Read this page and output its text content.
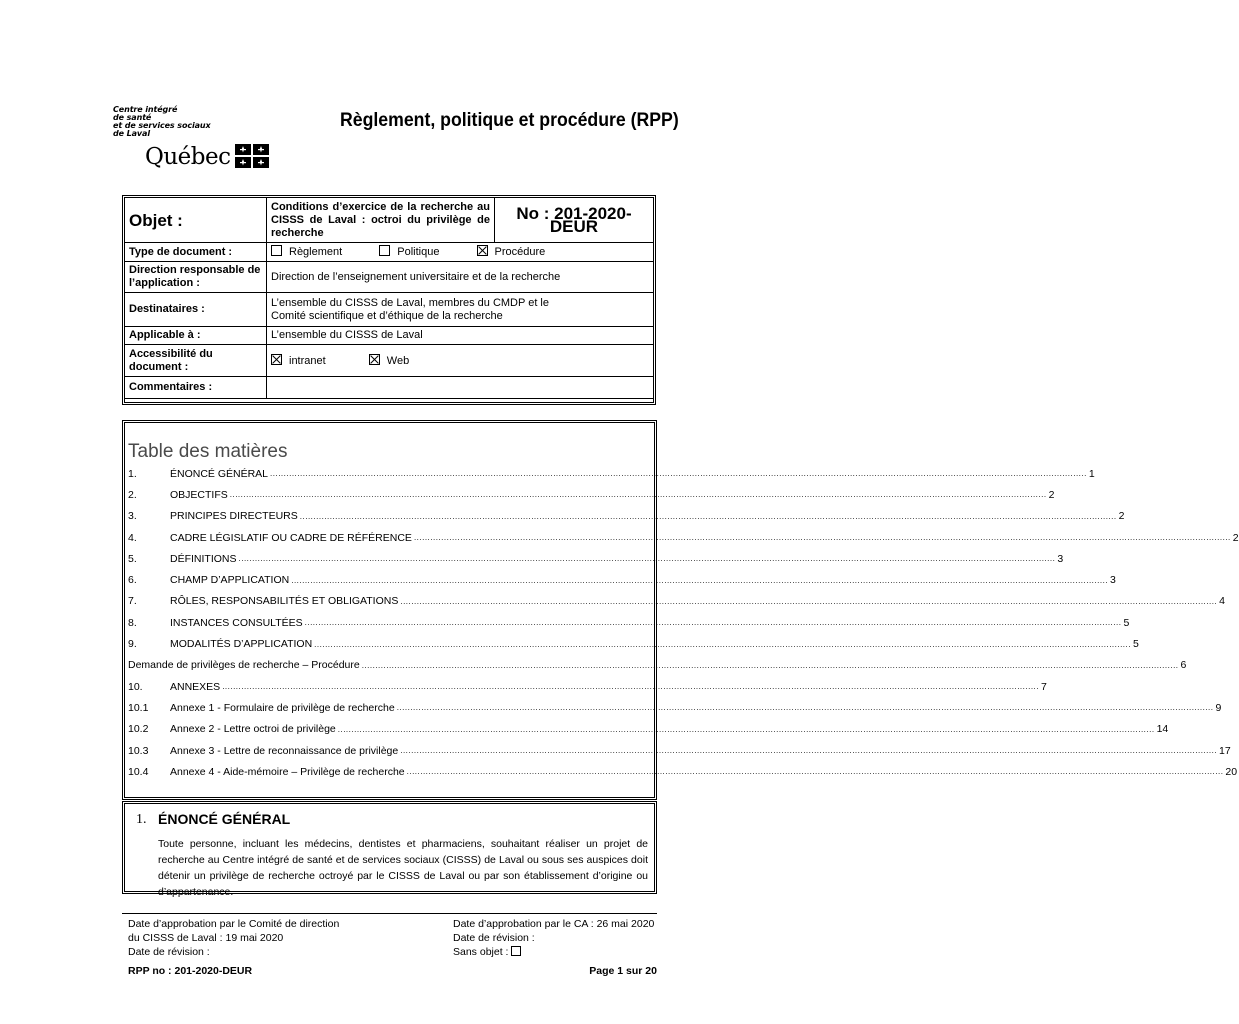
Centre intégré
de santé
et de services sociaux
de Laval
Québec
Règlement, politique et procédure (RPP)
Objet :	Conditions d’exercice de la recherche au CISSS de Laval : octroi du privilège de recherche	No : 201-2020-DEUR
Type de document :	Règlement Politique Procédure	
Direction responsable de l’application :	Direction de l’enseignement universitaire et de la recherche	
Destinataires :	L’ensemble du CISSS de Laval, membres du CMDP et le
Comité scientifique et d’éthique de la recherche	

Applicable à :	L’ensemble du CISSS de Laval	
Accessibilité du document :	intranet Web	
Commentaires :		
Table des matières
1.	ÉNONCÉ GÉNÉRAL ............................................................................................................................................................................................................................................................................................................ 1
2.	OBJECTIFS ............................................................................................................................................................................................................................................................................................................ 2
3.	PRINCIPES DIRECTEURS ............................................................................................................................................................................................................................................................................................................ 2
4.	CADRE LÉGISLATIF OU CADRE DE RÉFÉRENCE ............................................................................................................................................................................................................................................................................................................ 2
5.	DÉFINITIONS ............................................................................................................................................................................................................................................................................................................ 3
6.	CHAMP D’APPLICATION ............................................................................................................................................................................................................................................................................................................ 3
7.	RÔLES, RESPONSABILITÉS ET OBLIGATIONS ............................................................................................................................................................................................................................................................................................................ 4
8.	INSTANCES CONSULTÉES ............................................................................................................................................................................................................................................................................................................ 5
9.	MODALITÉS D’APPLICATION ............................................................................................................................................................................................................................................................................................................ 5
Demande de privilèges de recherche – Procédure ............................................................................................................................................................................................................................................................................................................ 6
10.	ANNEXES ............................................................................................................................................................................................................................................................................................................ 7
10.1	Annexe 1 - Formulaire de privilège de recherche ............................................................................................................................................................................................................................................................................................................ 9
10.2	Annexe 2 - Lettre octroi de privilège ............................................................................................................................................................................................................................................................................................................ 14
10.3	Annexe 3 - Lettre de reconnaissance de privilège ............................................................................................................................................................................................................................................................................................................ 17
10.4	Annexe 4 - Aide-mémoire – Privilège de recherche ............................................................................................................................................................................................................................................................................................................ 20
1. ÉNONCÉ GÉNÉRAL
Toute personne, incluant les médecins, dentistes et pharmaciens, souhaitant réaliser un projet de recherche au Centre intégré de santé et de services sociaux (CISSS) de Laval ou sous ses auspices doit détenir un privilège de recherche octroyé par le CISSS de Laval ou par son établissement d’origine ou d’appartenance.
Date d’approbation par le Comité de direction
du CISSS de Laval : 19 mai 2020
Date de révision :
Date d’approbation par le CA : 26 mai 2020
Date de révision :
Sans objet :
RPP no : 201-2020-DEUR	Page 1 sur 20
